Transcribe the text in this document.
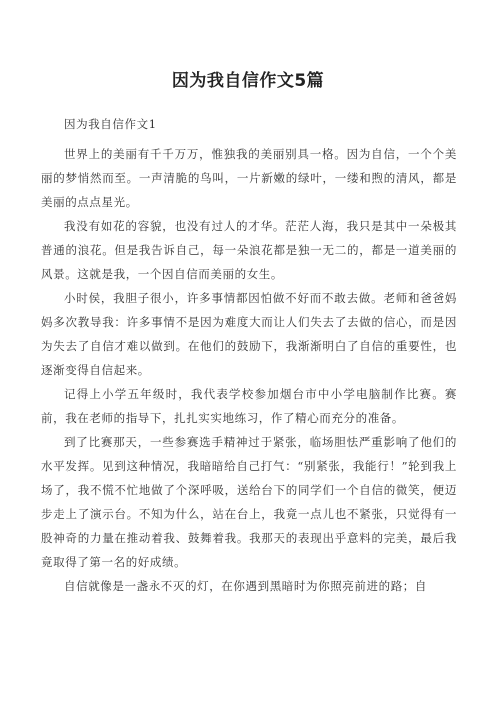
因为我自信作文5篇
因为我自信作文1

世界上的美丽有千千万万，惟独我的美丽别具一格。因为自信，一个个美丽的梦悄然而至。一声清脆的鸟叫，一片新嫩的绿叶，一缕和煦的清风，都是美丽的点点星光。

我没有如花的容貌，也没有过人的才华。茫茫人海，我只是其中一朵极其普通的浪花。但是我告诉自己，每一朵浪花都是独一无二的，都是一道美丽的风景。这就是我，一个因自信而美丽的女生。

小时侯，我胆子很小，许多事情都因怕做不好而不敢去做。老师和爸爸妈妈多次教导我：许多事情不是因为难度大而让人们失去了去做的信心，而是因为失去了自信才难以做到。在他们的鼓励下，我渐渐明白了自信的重要性，也逐渐变得自信起来。

记得上小学五年级时，我代表学校参加烟台市中小学电脑制作比赛。赛前，我在老师的指导下，扎扎实实地练习，作了精心而充分的准备。

到了比赛那天，一些参赛选手精神过于紧张，临场胆怯严重影响了他们的水平发挥。见到这种情况，我暗暗给自己打气：“别紧张，我能行！”轮到我上场了，我不慌不忙地做了个深呼吸，送给台下的同学们一个自信的微笑，便迈步走上了演示台。不知为什么，站在台上，我竟一点儿也不紧张，只觉得有一股神奇的力量在推动着我、鼓舞着我。我那天的表现出乎意料的完美，最后我竟取得了第一名的好成绩。

自信就像是一盏永不灭的灯，在你遇到黑暗时为你照亮前进的路；自
